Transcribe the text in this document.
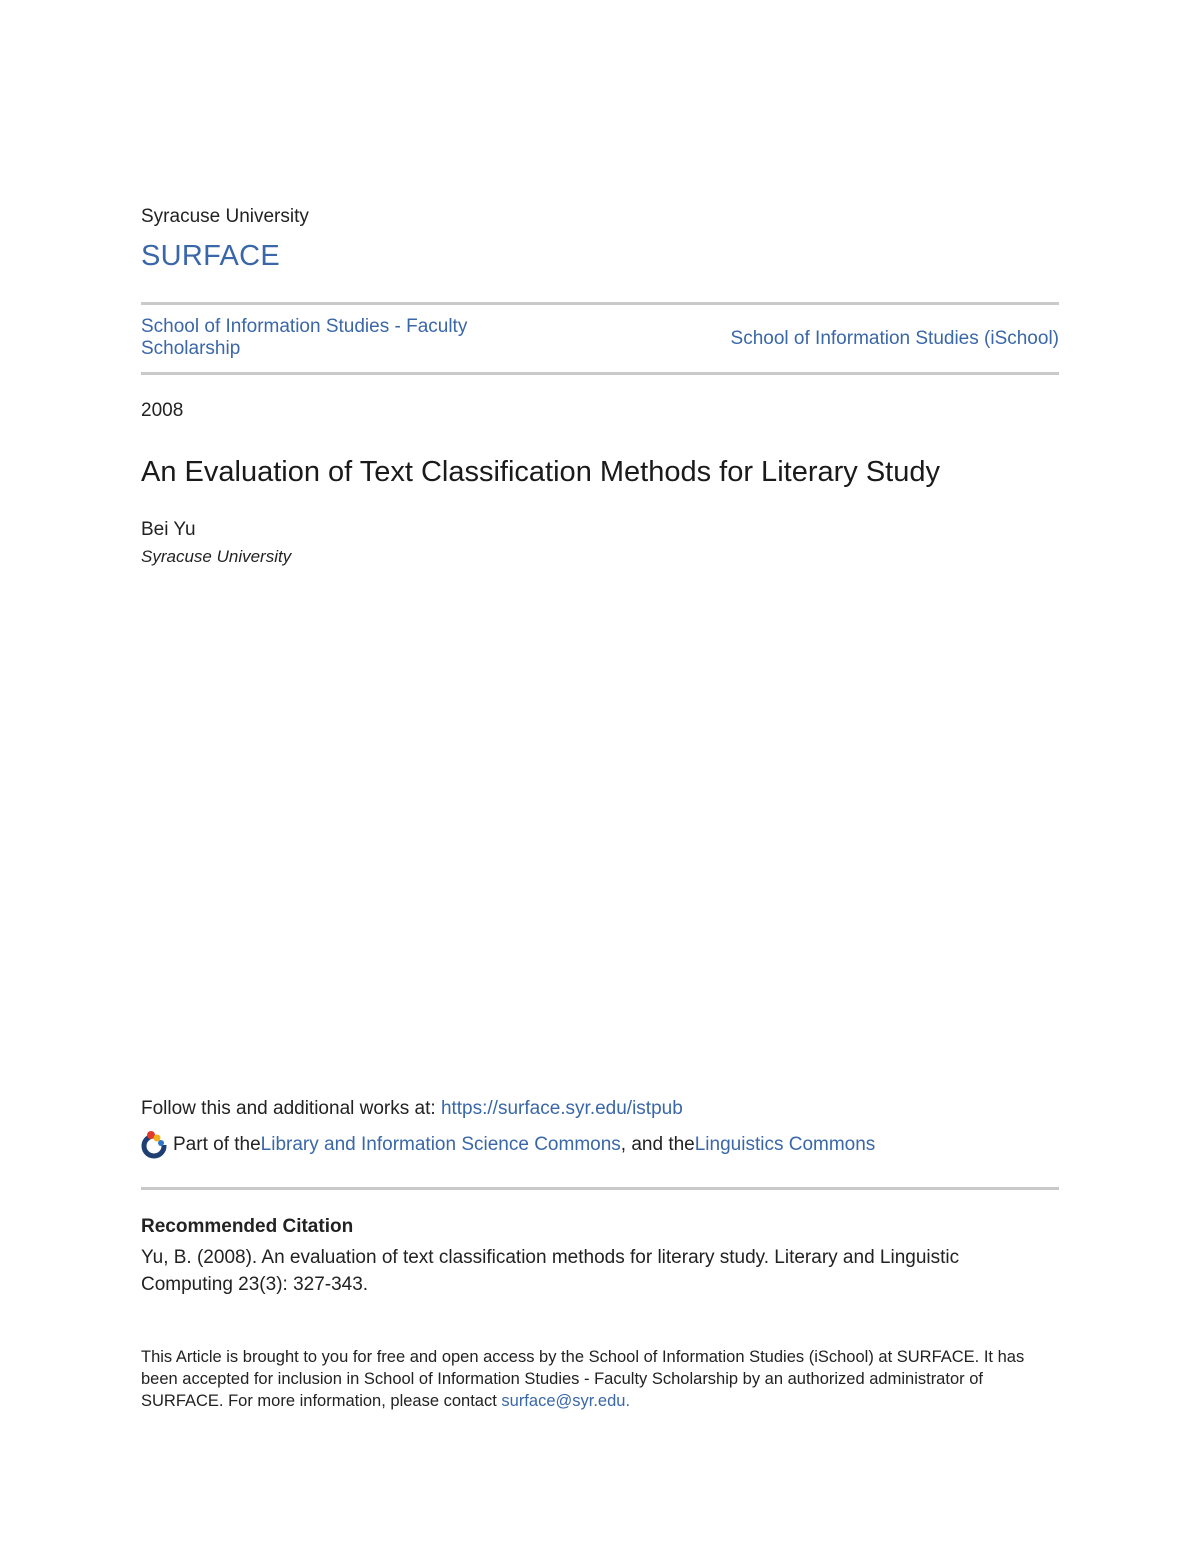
Syracuse University
SURFACE
School of Information Studies - Faculty Scholarship	School of Information Studies (iSchool)
2008
An Evaluation of Text Classification Methods for Literary Study
Bei Yu
Syracuse University
Follow this and additional works at: https://surface.syr.edu/istpub
Part of the Library and Information Science Commons , and the Linguistics Commons
Recommended Citation
Yu, B. (2008). An evaluation of text classification methods for literary study. Literary and Linguistic Computing 23(3): 327-343.
This Article is brought to you for free and open access by the School of Information Studies (iSchool) at SURFACE. It has been accepted for inclusion in School of Information Studies - Faculty Scholarship by an authorized administrator of SURFACE. For more information, please contact surface@syr.edu.
